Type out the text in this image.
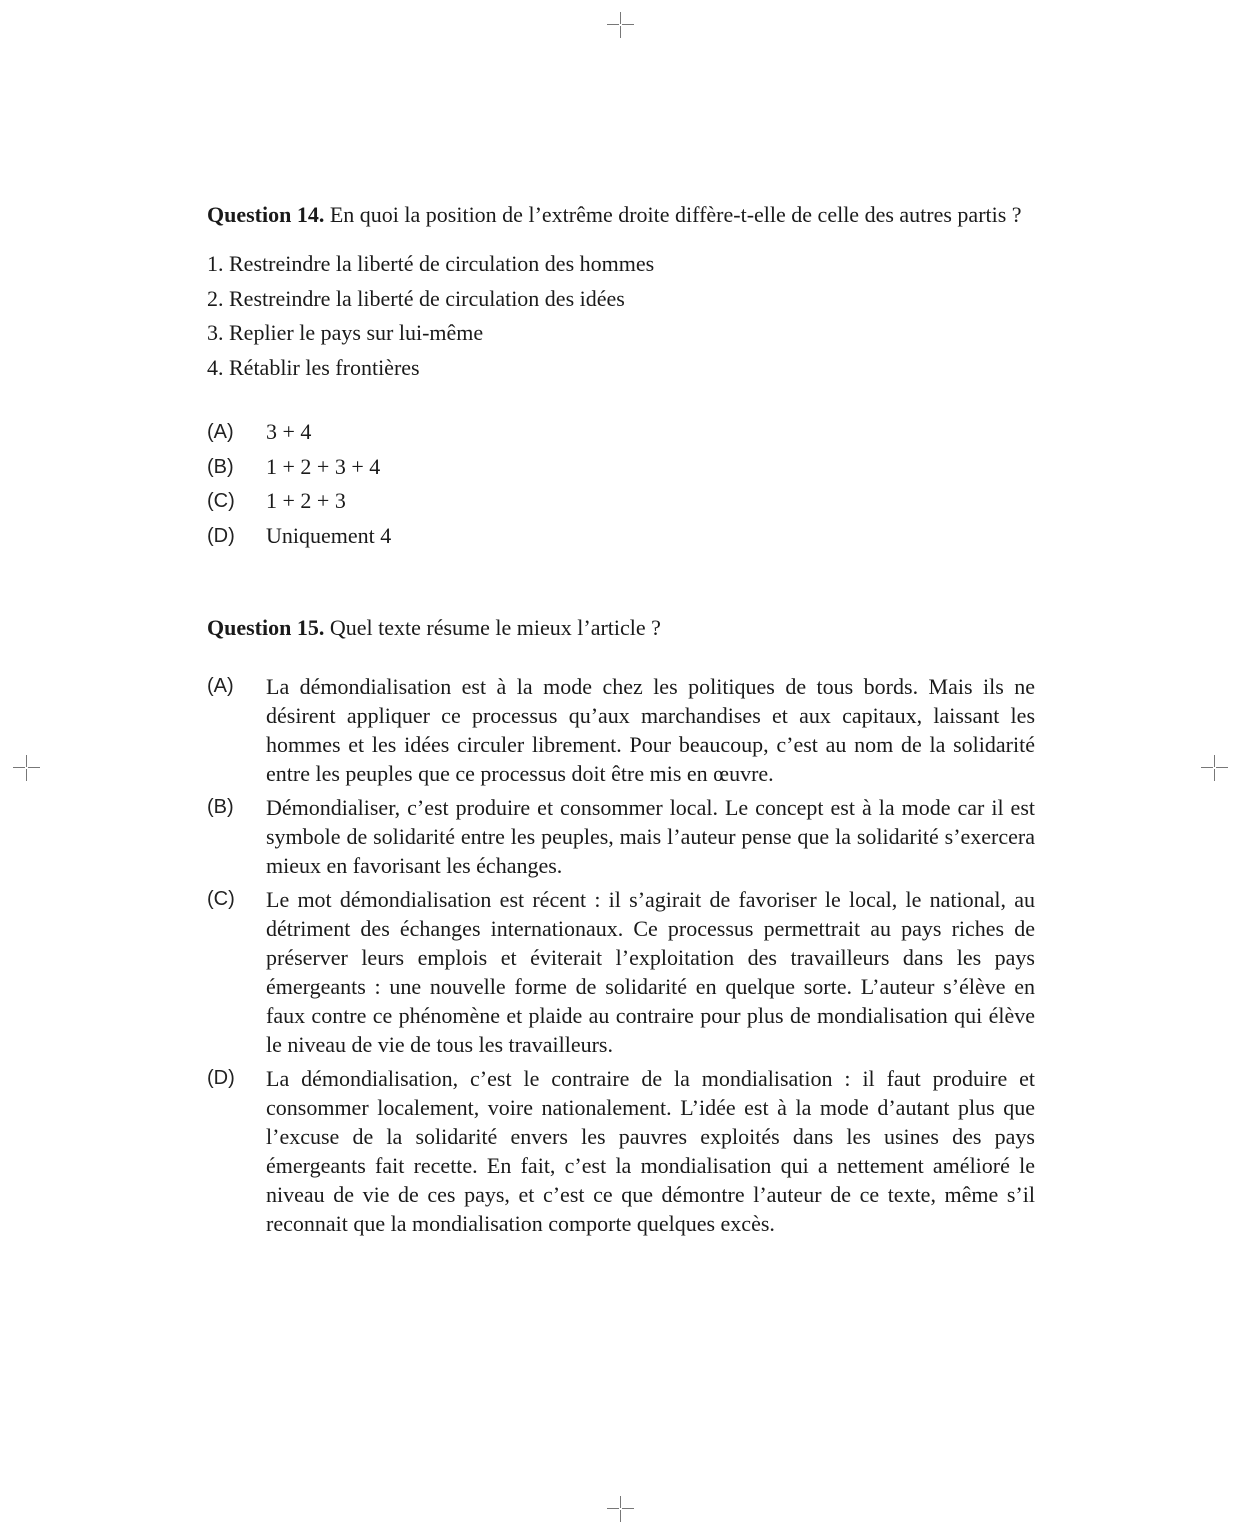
Question 14. En quoi la position de l’extrême droite diffère-t-elle de celle des autres partis ?

1. Restreindre la liberté de circulation des hommes
2. Restreindre la liberté de circulation des idées
3. Replier le pays sur lui-même
4. Rétablir les frontières
(A)	3 + 4
(B)	1 + 2 + 3 + 4
(C)	1 + 2 + 3
(D)	Uniquement 4

Question 15. Quel texte résume le mieux l’article ?

(A)	La démondialisation est à la mode chez les politiques de tous bords. Mais ils ne désirent appliquer ce processus qu’aux marchandises et aux capitaux, laissant les hommes et les idées circuler librement. Pour beaucoup, c’est au nom de la solidarité entre les peuples que ce processus doit être mis en œuvre.
(B)	Démondialiser, c’est produire et consommer local. Le concept est à la mode car il est symbole de solidarité entre les peuples, mais l’auteur pense que la solidarité s’exercera mieux en favorisant les échanges.
(C)	Le mot démondialisation est récent : il s’agirait de favoriser le local, le national, au détriment des échanges internationaux. Ce processus permettrait au pays riches de préserver leurs emplois et éviterait l’exploitation des travailleurs dans les pays émergeants : une nouvelle forme de solidarité en quelque sorte. L’auteur s’élève en faux contre ce phénomène et plaide au contraire pour plus de mondialisation qui élève le niveau de vie de tous les travailleurs.
(D)	La démondialisation, c’est le contraire de la mondialisation : il faut produire et consommer localement, voire nationalement. L’idée est à la mode d’autant plus que l’excuse de la solidarité envers les pauvres exploités dans les usines des pays émergeants fait recette. En fait, c’est la mondialisation qui a nettement amélioré le niveau de vie de ces pays, et c’est ce que démontre l’auteur de ce texte, même s’il reconnait que la mondialisation comporte quelques excès.
